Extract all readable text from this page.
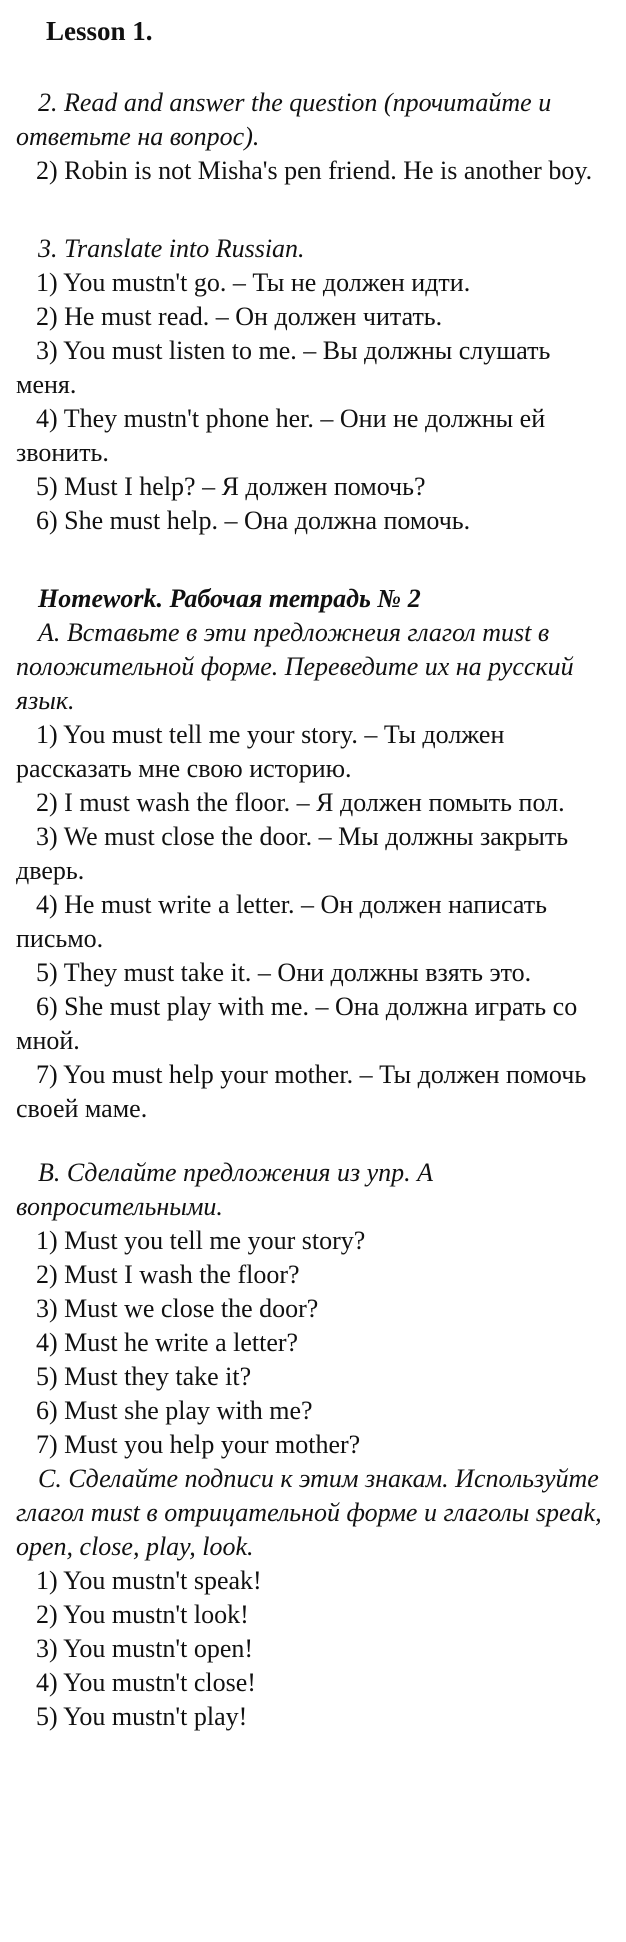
Lesson 1.

2. Read and answer the question (прочитайте и ответьте на вопрос).

2) Robin is not Misha's pen friend. He is another boy.

3. Translate into Russian.

1) You mustn't go. – Ты не должен идти.

2) He must read. – Он должен читать.

3) You must listen to me. – Вы должны слушать меня.

4) They mustn't phone her. – Они не должны ей звонить.

5) Must I help? – Я должен помочь?

6) She must help. – Она должна помочь.

Homework. Рабочая тетрадь № 2

A. Вставьте в эти предложнеия глагол must в положительной форме. Переведите их на русский язык.

1) You must tell me your story. – Ты должен рассказать мне свою историю.

2) I must wash the floor. – Я должен помыть пол.

3) We must close the door. – Мы должны закрыть дверь.

4) He must write a letter. – Он должен написать письмо.

5) They must take it. – Они должны взять это.

6) She must play with me. – Она должна играть со мной.

7) You must help your mother. – Ты должен помочь своей маме.

B. Сделайте предложения из упр. А вопросительными.

1) Must you tell me your story?

2) Must I wash the floor?

3) Must we close the door?

4) Must he write a letter?

5) Must they take it?

6) Must she play with me?

7) Must you help your mother?

C. Сделайте подписи к этим знакам. Используйте глагол must в отрицательной форме и глаголы speak, open, close, play, look.

1) You mustn't speak!

2) You mustn't look!

3) You mustn't open!

4) You mustn't close!

5) You mustn't play!
